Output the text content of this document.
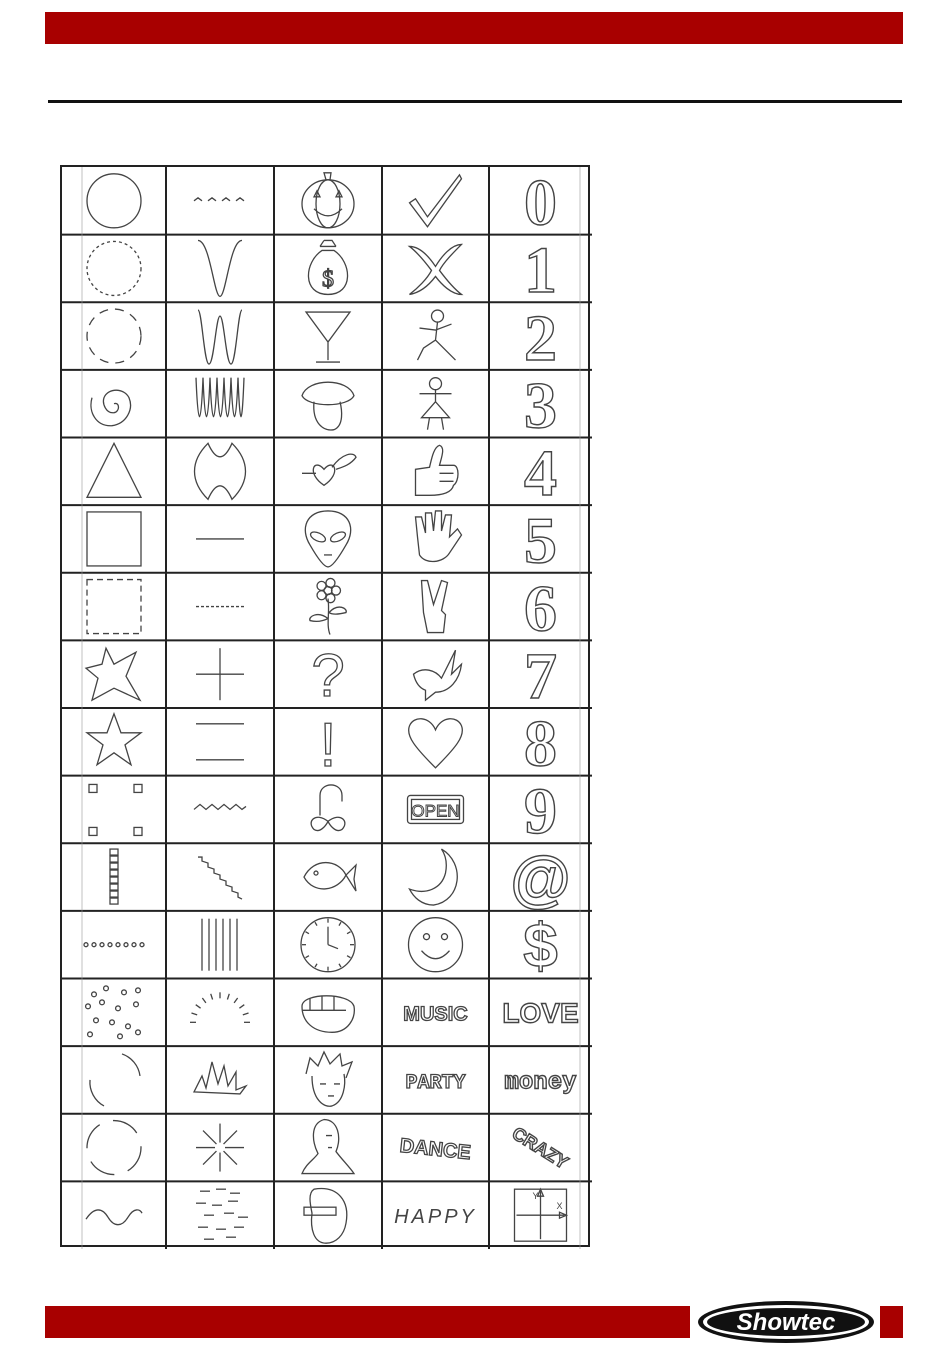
$
?
!
OPEN
MUSIC
PARTY
DANCE
HAPPY
0
1
2
3
4
5
6
7
8
9
@
$
LOVE
money
CRAZY
Y
X
Showtec
